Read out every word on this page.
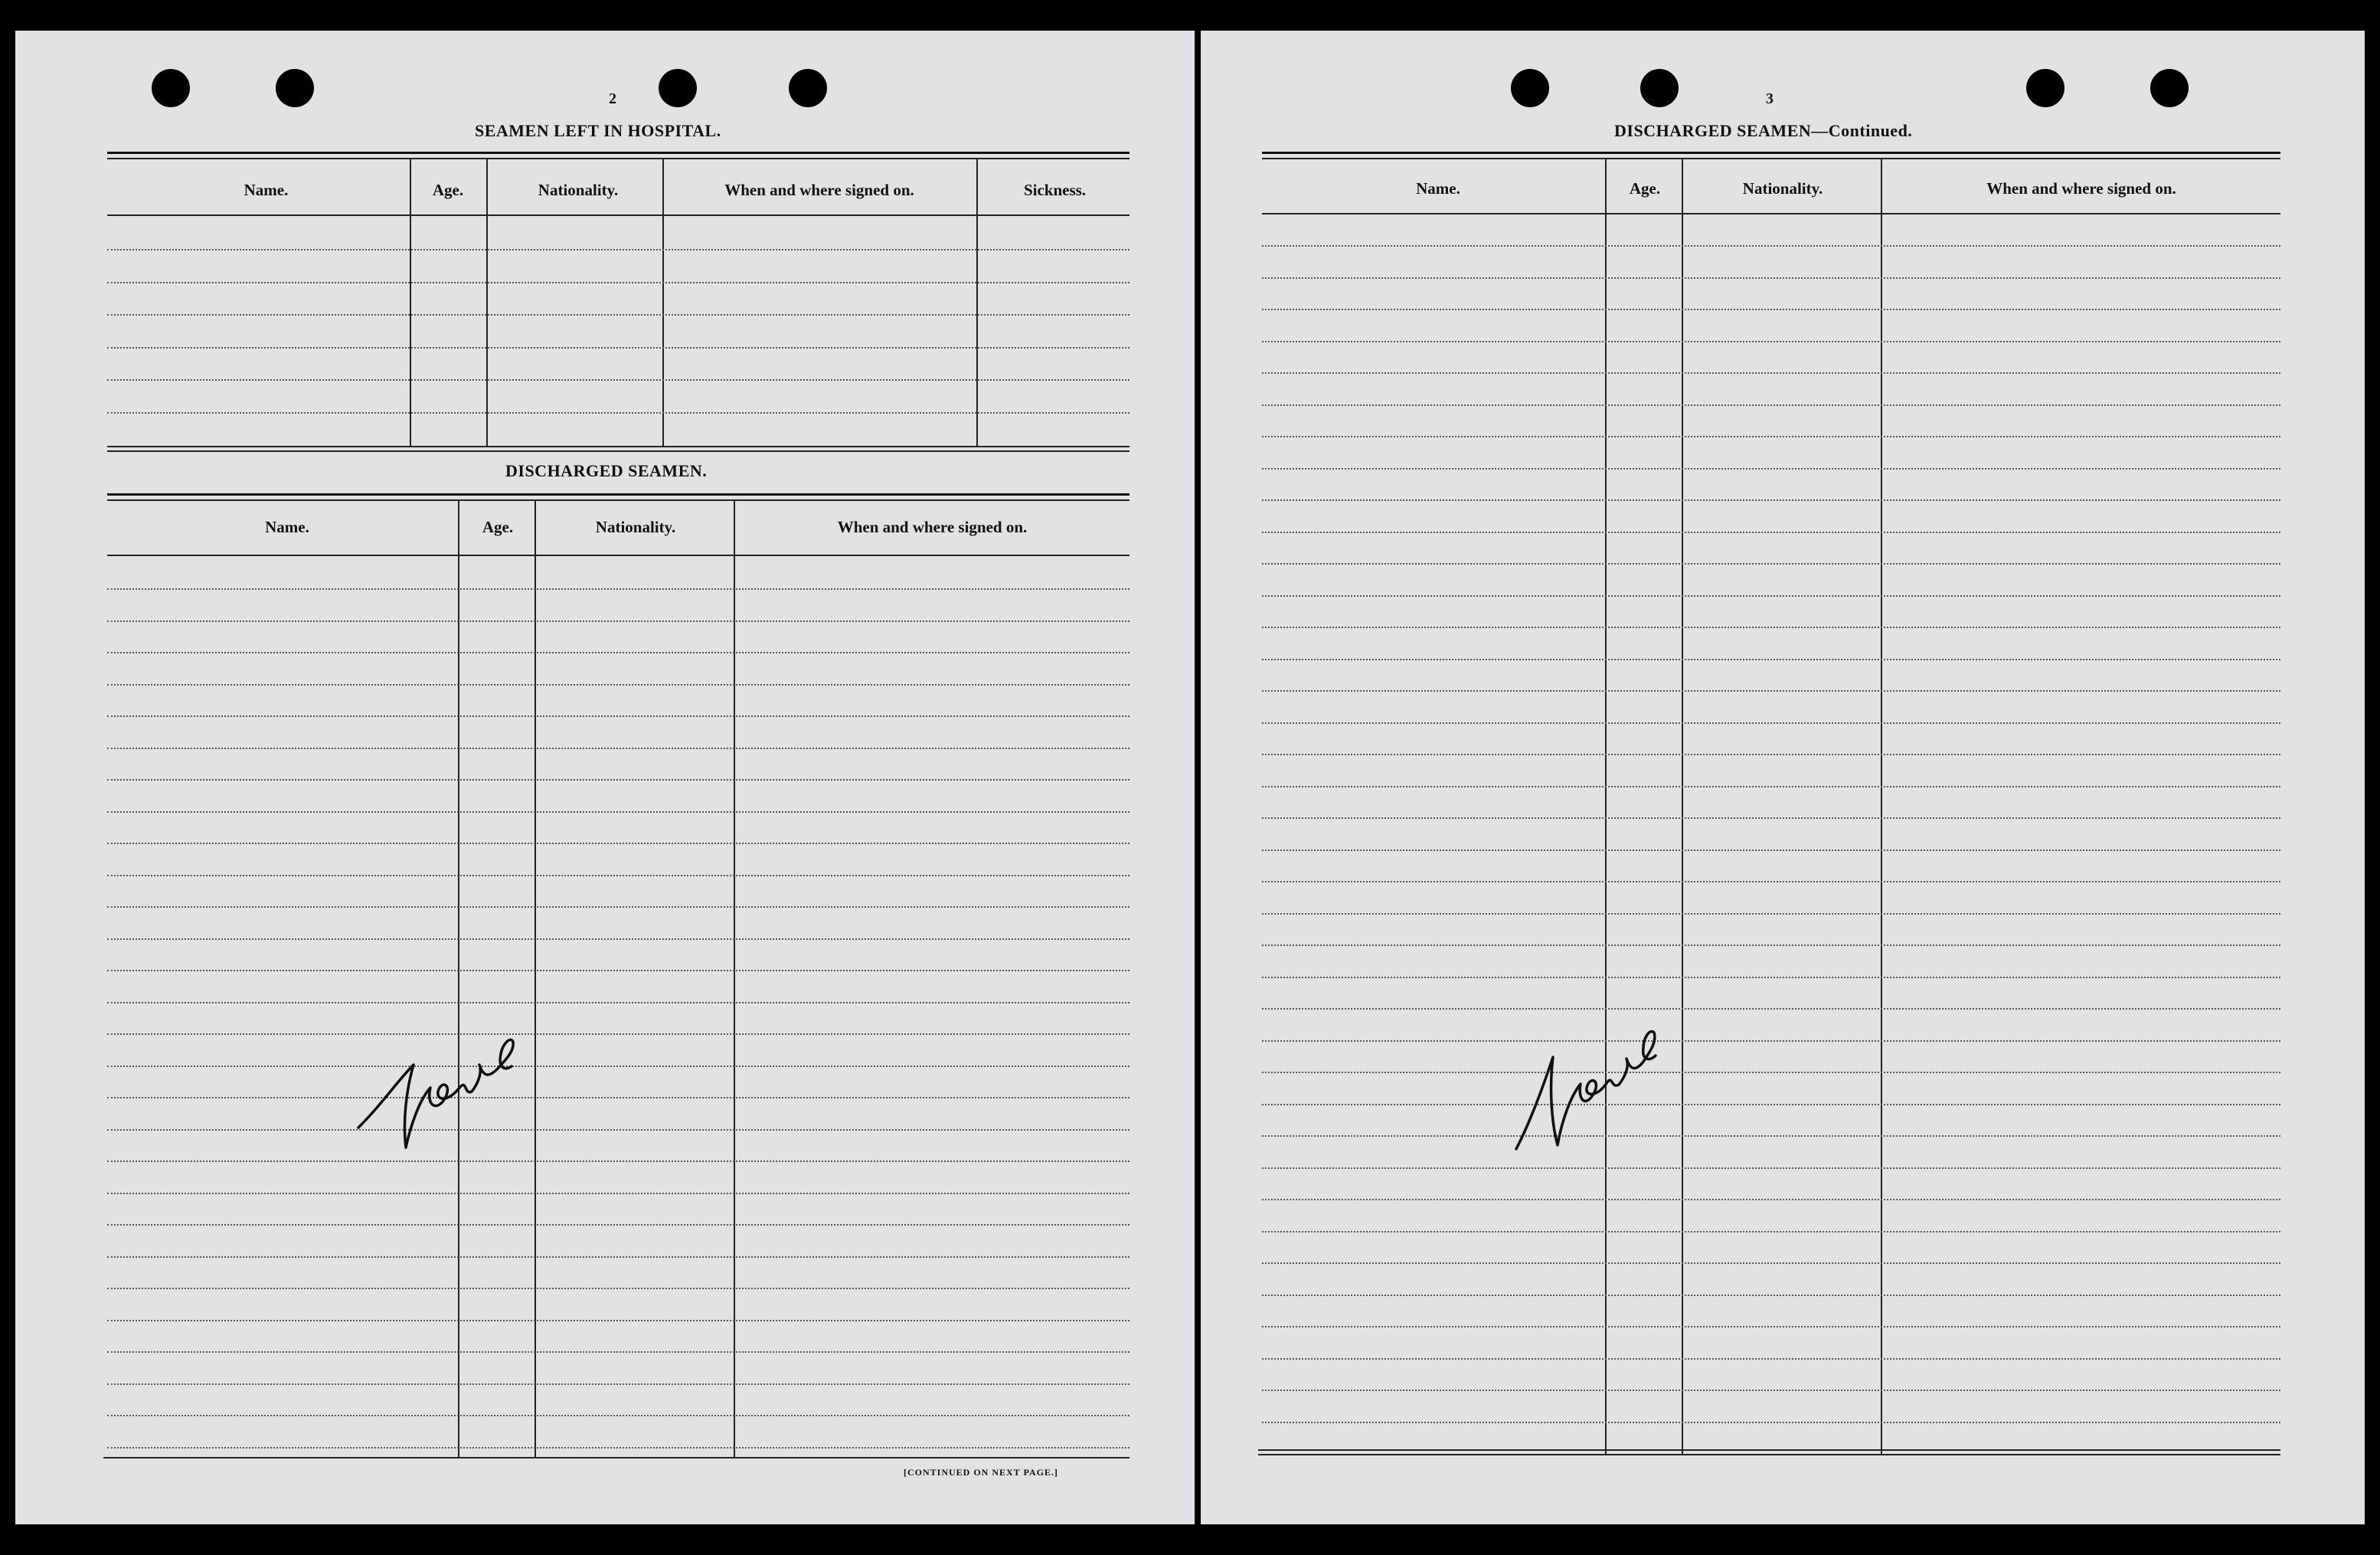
2
SEAMEN LEFT IN HOSPITAL.
Name.	Age.	Nationality.	When and where signed on.	Sickness.
DISCHARGED SEAMEN.
Name.	Age.	Nationality.	When and where signed on.
[CONTINUED ON NEXT PAGE.]
3
DISCHARGED SEAMEN—Continued.
Name.	Age.	Nationality.	When and where signed on.
